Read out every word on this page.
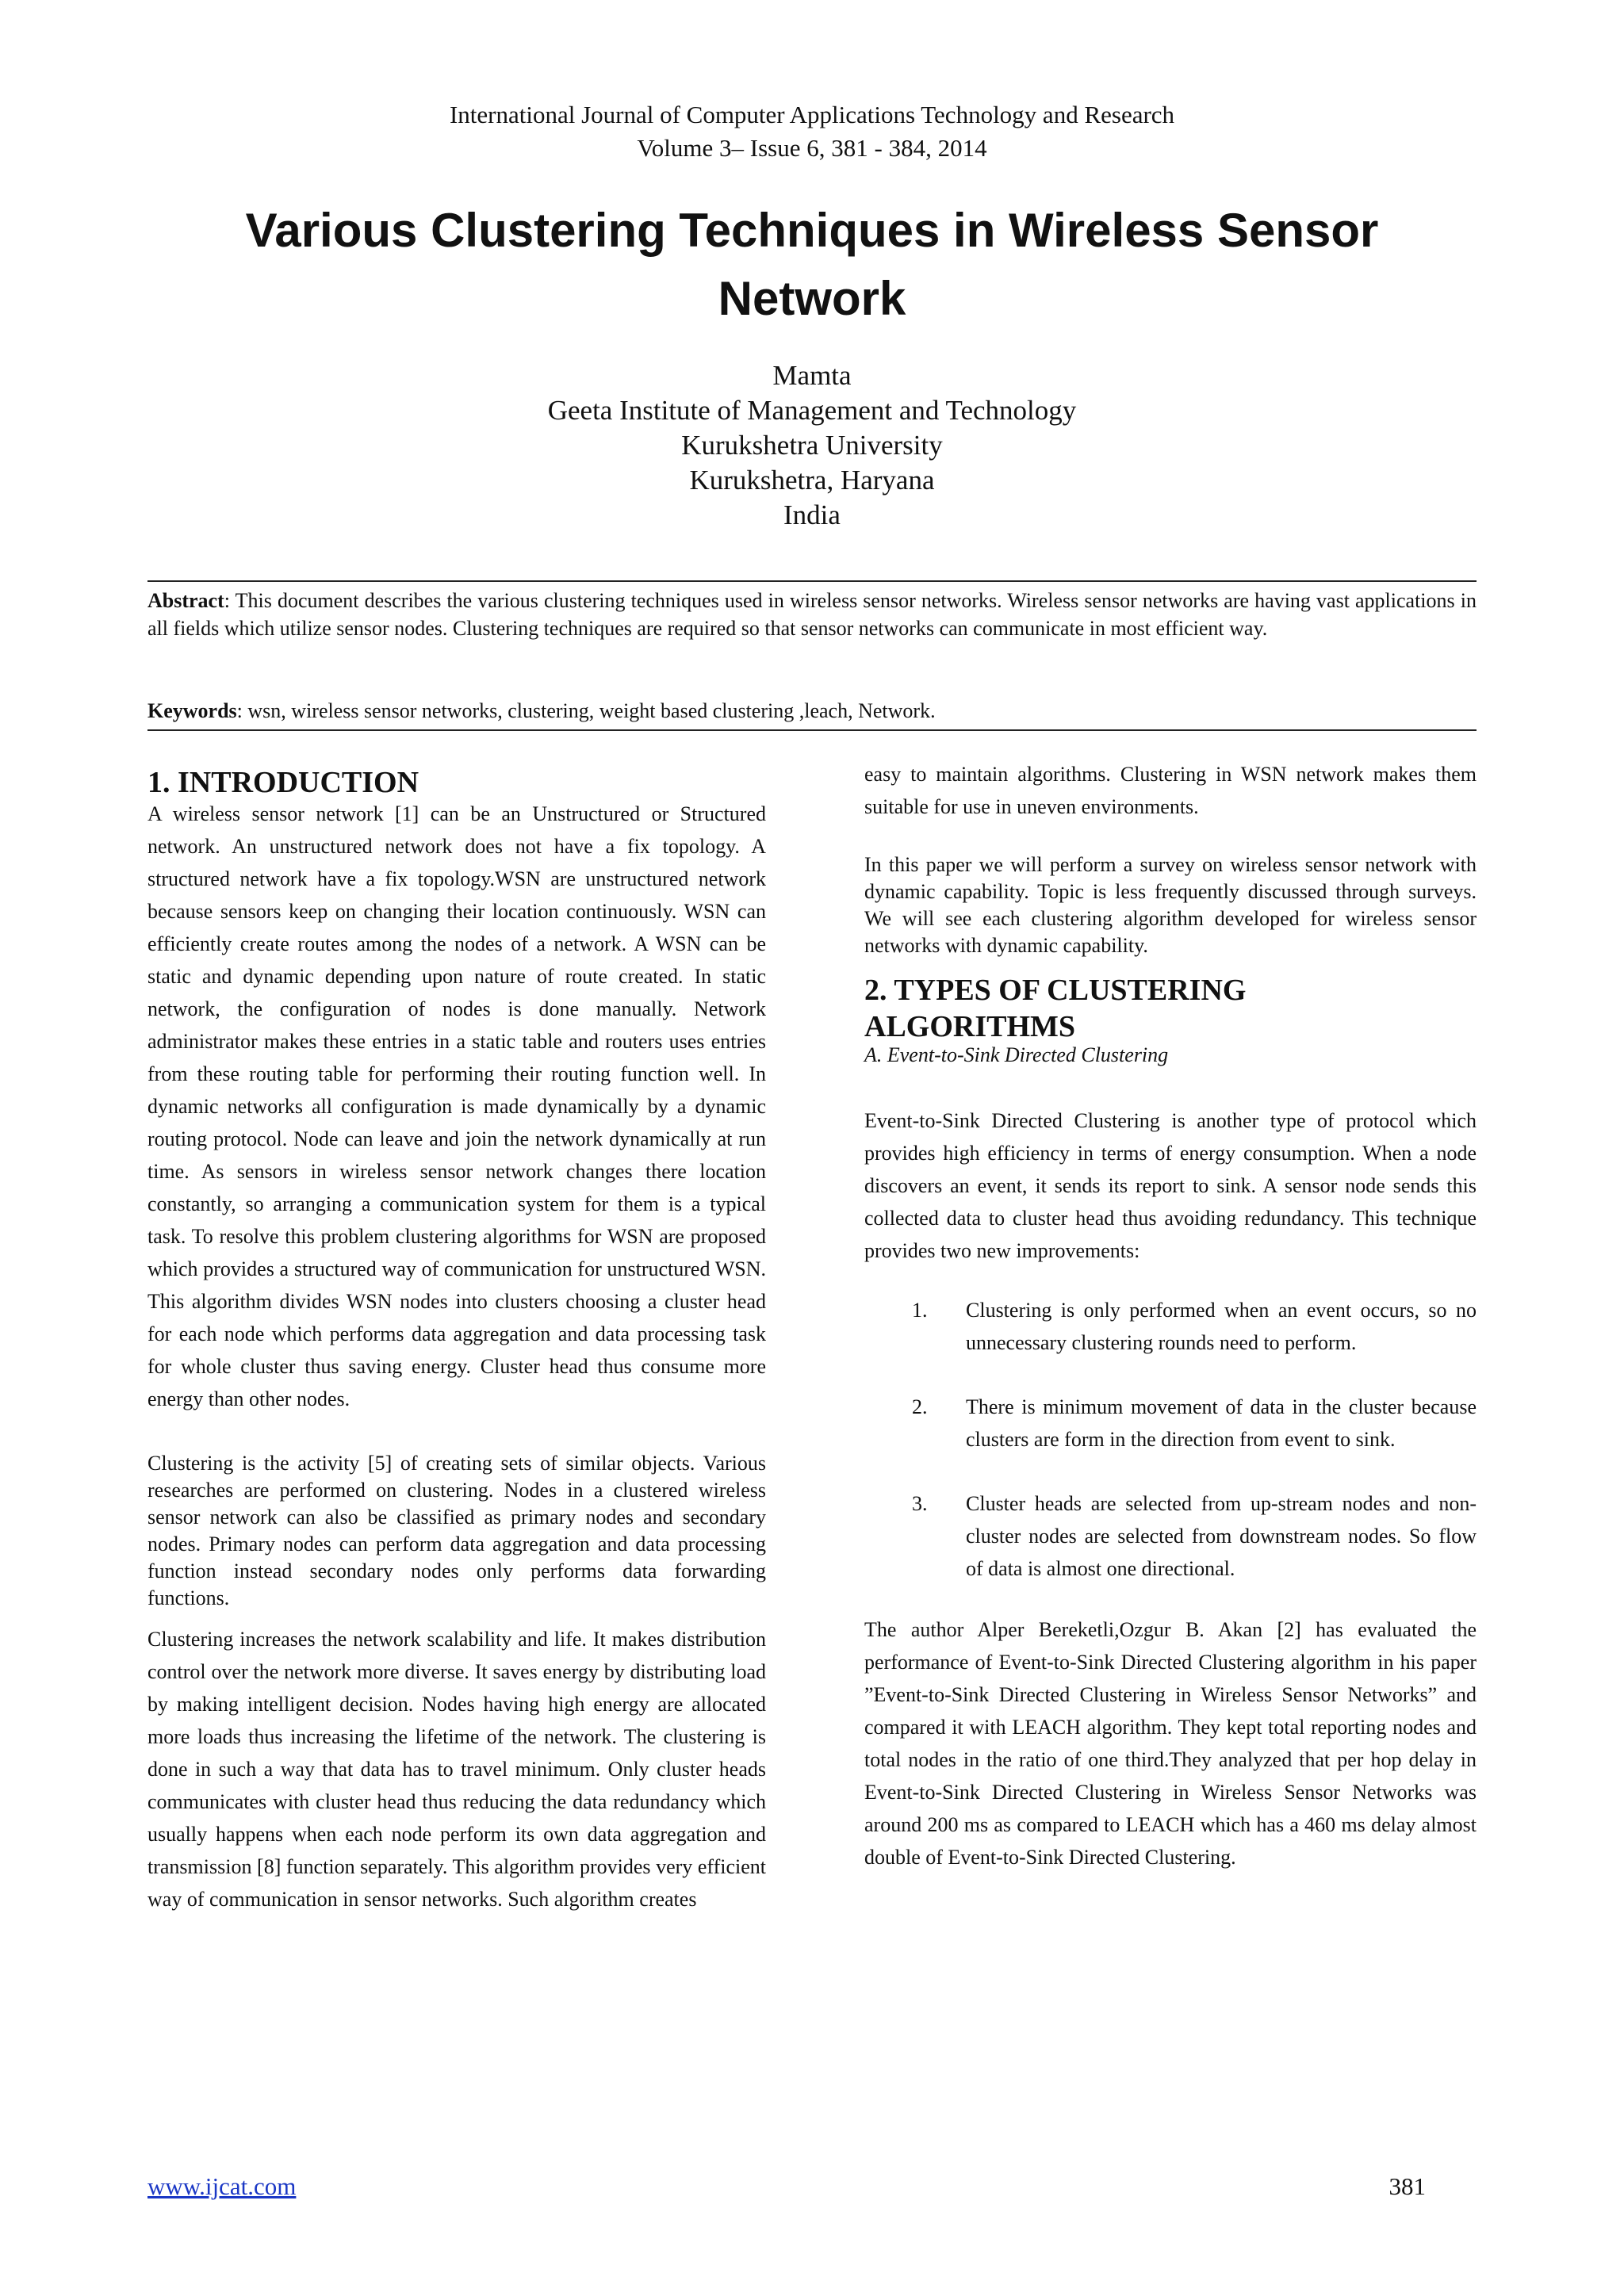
International Journal of Computer Applications Technology and Research
Volume 3– Issue 6, 381 - 384, 2014
Various Clustering Techniques in Wireless Sensor
Network
Mamta
Geeta Institute of Management and Technology
Kurukshetra University
Kurukshetra, Haryana
India
Abstract: This document describes the various clustering techniques used in wireless sensor networks. Wireless sensor networks are having vast applications in all fields which utilize sensor nodes. Clustering techniques are required so that sensor networks can communicate in most efficient way.
Keywords: wsn, wireless sensor networks, clustering, weight based clustering ,leach, Network.
1. INTRODUCTION

A wireless sensor network [1] can be an Unstructured or Structured network. An unstructured network does not have a fix topology. A structured network have a fix topology.WSN are unstructured network because sensors keep on changing their location continuously. WSN can efficiently create routes among the nodes of a network. A WSN can be static and dynamic depending upon nature of route created. In static network, the configuration of nodes is done manually. Network administrator makes these entries in a static table and routers uses entries from these routing table for performing their routing function well. In dynamic networks all configuration is made dynamically by a dynamic routing protocol. Node can leave and join the network dynamically at run time. As sensors in wireless sensor network changes there location constantly, so arranging a communication system for them is a typical task. To resolve this problem clustering algorithms for WSN are proposed which provides a structured way of communication for unstructured WSN. This algorithm divides WSN nodes into clusters choosing a cluster head for each node which performs data aggregation and data processing task for whole cluster thus saving energy. Cluster head thus consume more energy than other nodes.

Clustering is the activity [5] of creating sets of similar objects. Various researches are performed on clustering. Nodes in a clustered wireless sensor network can also be classified as primary nodes and secondary nodes. Primary nodes can perform data aggregation and data processing function instead secondary nodes only performs data forwarding functions.

Clustering increases the network scalability and life. It makes distribution control over the network more diverse. It saves energy by distributing load by making intelligent decision. Nodes having high energy are allocated more loads thus increasing the lifetime of the network. The clustering is done in such a way that data has to travel minimum. Only cluster heads communicates with cluster head thus reducing the data redundancy which usually happens when each node perform its own data aggregation and transmission [8] function separately. This algorithm provides very efficient way of communication in sensor networks. Such algorithm creates

easy to maintain algorithms. Clustering in WSN network makes them suitable for use in uneven environments.

In this paper we will perform a survey on wireless sensor network with dynamic capability. Topic is less frequently discussed through surveys. We will see each clustering algorithm developed for wireless sensor networks with dynamic capability.

2. TYPES OF CLUSTERING
ALGORITHMS

A. Event-to-Sink Directed Clustering

Event-to-Sink Directed Clustering is another type of protocol which provides high efficiency in terms of energy consumption. When a node discovers an event, it sends its report to sink. A sensor node sends this collected data to cluster head thus avoiding redundancy. This technique provides two new improvements:

1.	Clustering is only performed when an event occurs, so no unnecessary clustering rounds need to perform.
2.	There is minimum movement of data in the cluster because clusters are form in the direction from event to sink.
3.	Cluster heads are selected from up-stream nodes and non-cluster nodes are selected from downstream nodes. So flow of data is almost one directional.

The author Alper Bereketli,Ozgur B. Akan [2] has evaluated the performance of Event-to-Sink Directed Clustering algorithm in his paper ”Event-to-Sink Directed Clustering in Wireless Sensor Networks” and compared it with LEACH algorithm. They kept total reporting nodes and total nodes in the ratio of one third.They analyzed that per hop delay in Event-to-Sink Directed Clustering in Wireless Sensor Networks was around 200 ms as compared to LEACH which has a 460 ms delay almost double of Event-to-Sink Directed Clustering.

www.ijcat.com	381
